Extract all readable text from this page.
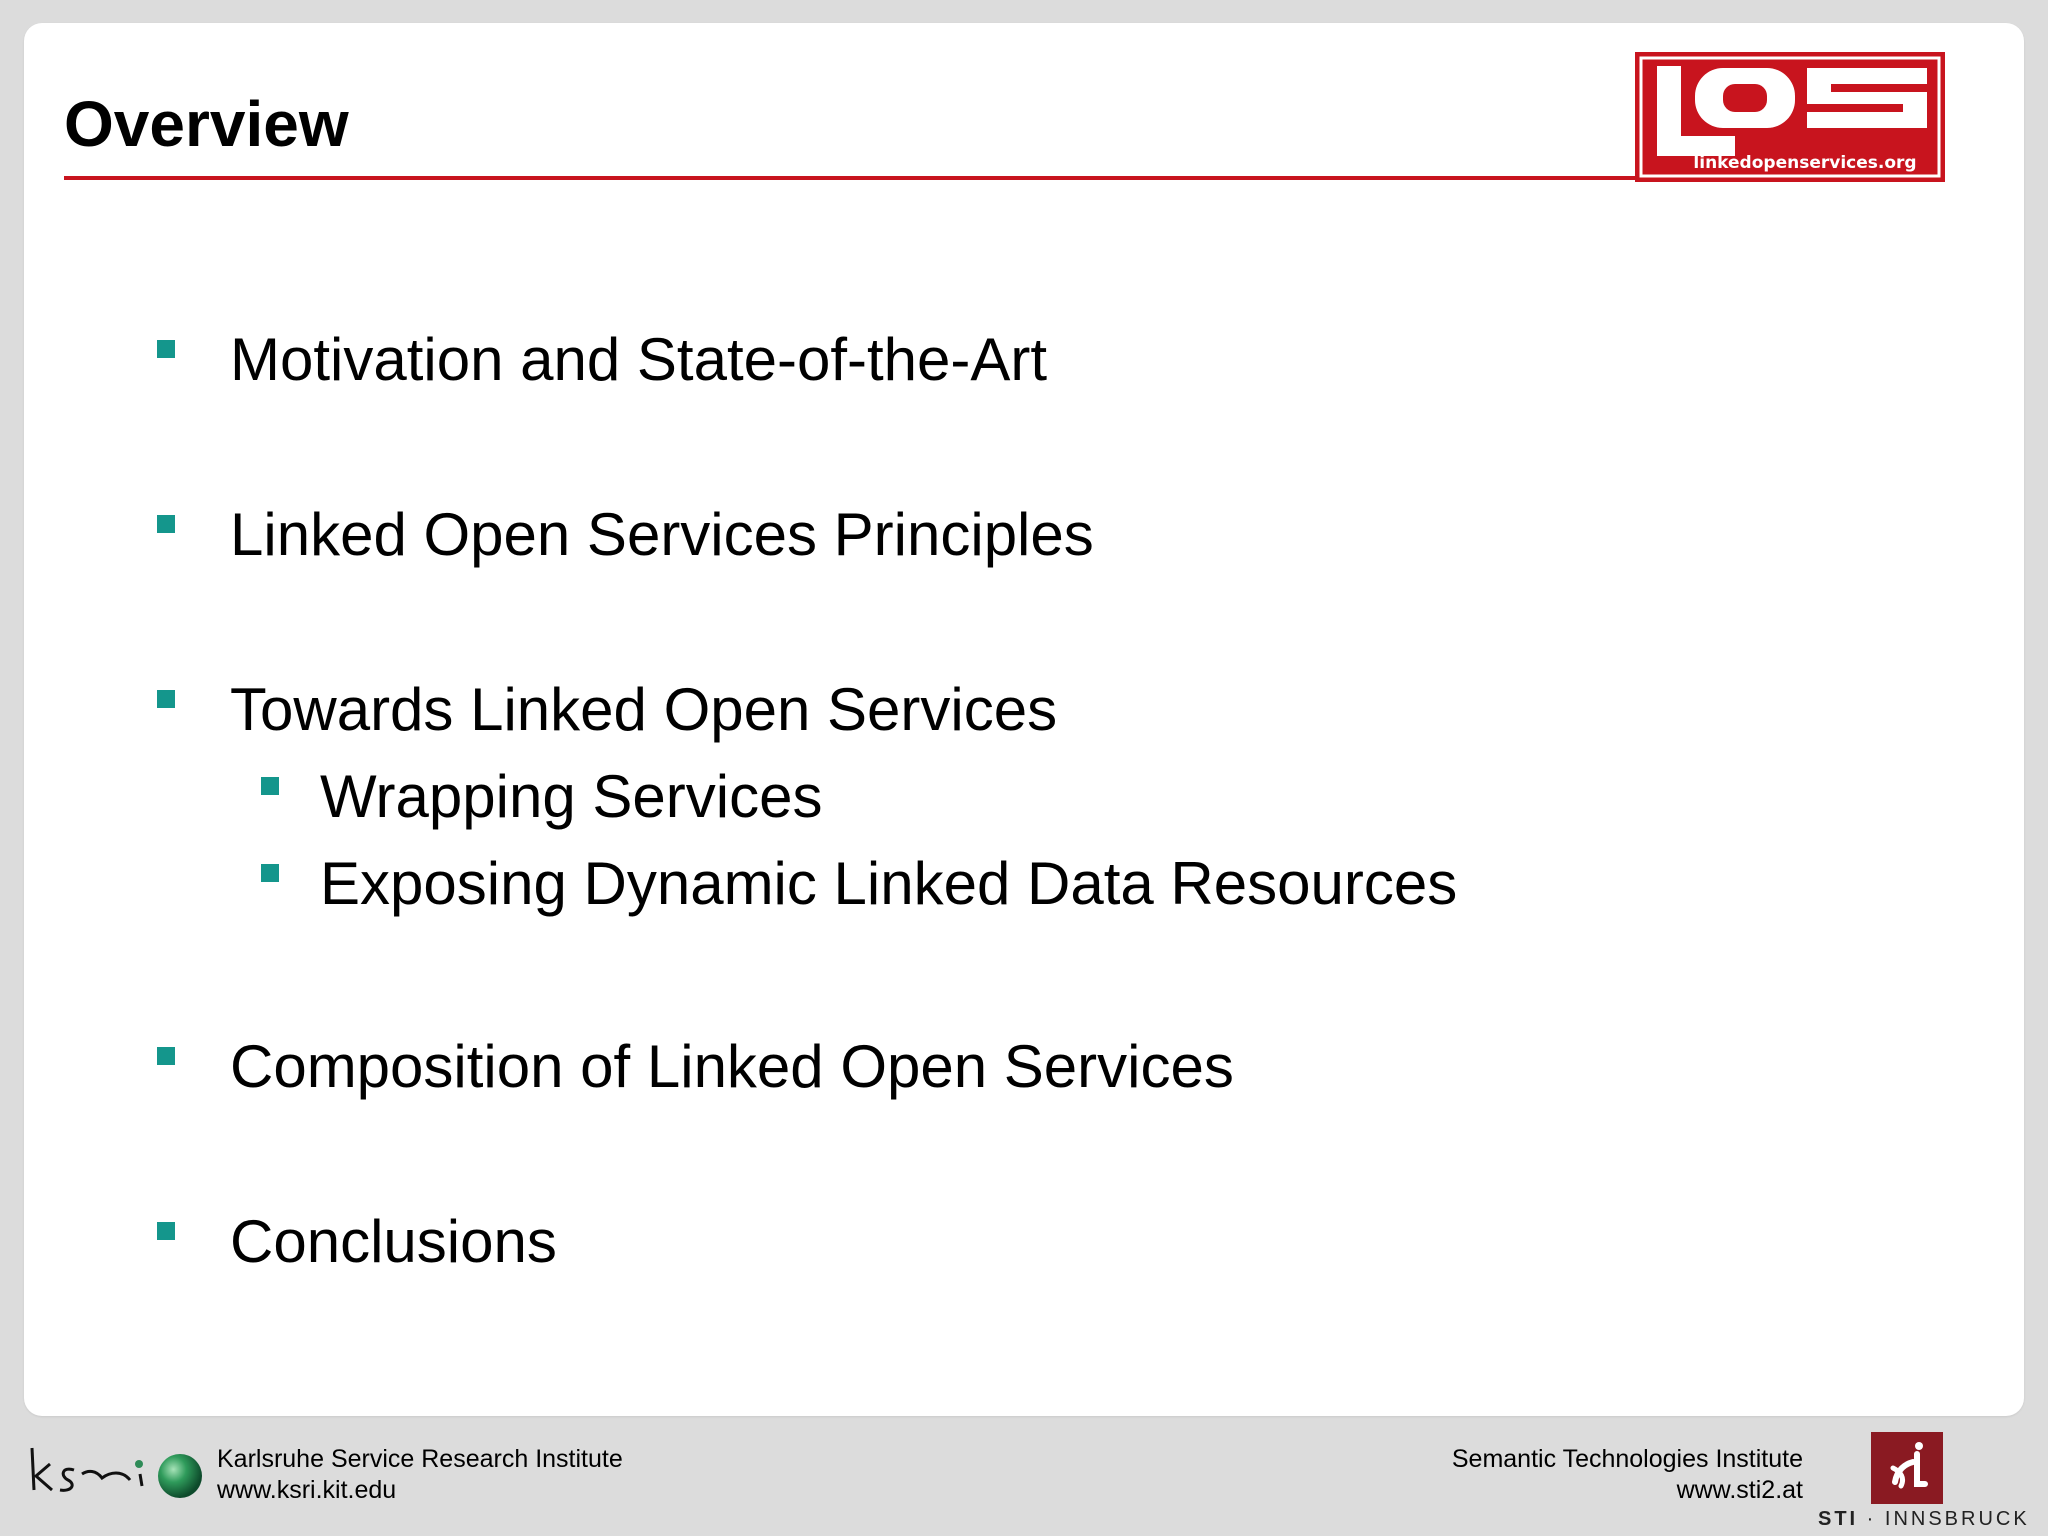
Overview
linkedopenservices.org
Motivation and State-of-the-Art
Linked Open Services Principles
Towards Linked Open Services
Wrapping Services
Exposing Dynamic Linked Data Resources
Composition of Linked Open Services
Conclusions
Karlsruhe Service Research Institute
www.ksri.kit.edu
Semantic Technologies Institute
www.sti2.at
STI · INNSBRUCK
